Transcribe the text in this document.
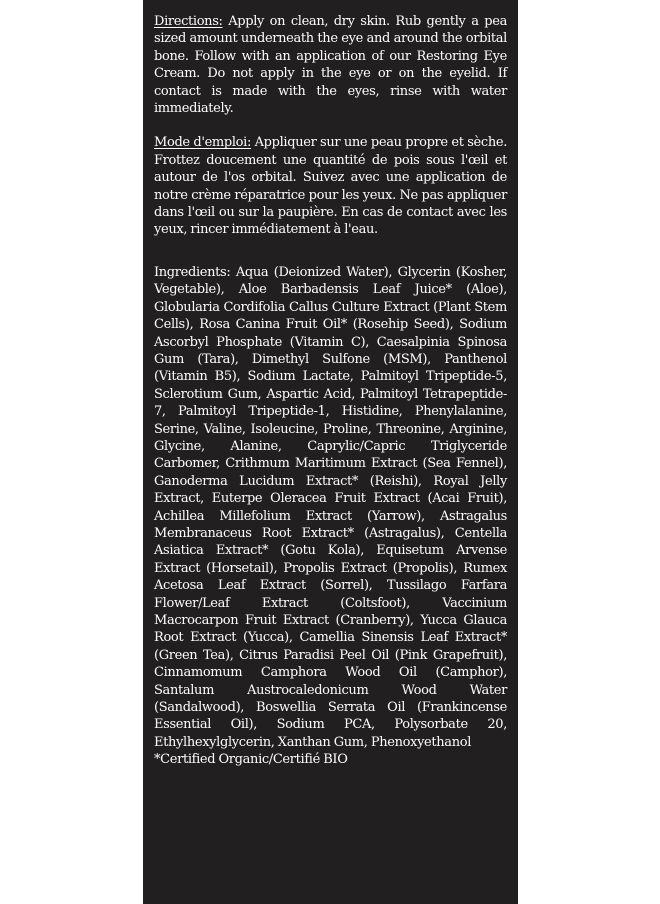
Directions: Apply on clean, dry skin. Rub gently a pea sized amount underneath the eye and around the orbital bone. Follow with an application of our Restoring Eye Cream. Do not apply in the eye or on the eyelid. If contact is made with the eyes, rinse with water immediately.

Mode d'emploi: Appliquer sur une peau propre et sèche. Frottez doucement une quantité de pois sous l'œil et autour de l'os orbital. Suivez avec une application de notre crème réparatrice pour les yeux. Ne pas appliquer dans l'œil ou sur la paupière. En cas de contact avec les yeux, rincer immédiatement à l'eau.

Ingredients: Aqua (Deionized Water), Glycerin (Kosher, Vegetable), Aloe Barbadensis Leaf Juice* (Aloe), Globularia Cordifolia Callus Culture Extract (Plant Stem Cells), Rosa Canina Fruit Oil* (Rosehip Seed), Sodium Ascorbyl Phosphate (Vitamin C), Caesalpinia Spinosa Gum (Tara), Dimethyl Sulfone (MSM), Panthenol (Vitamin B5), Sodium Lactate, Palmitoyl Tripeptide-5, Sclerotium Gum, Aspartic Acid, Palmitoyl Tetrapeptide-7, Palmitoyl Tripeptide-1, Histidine, Phenylalanine, Serine, Valine, Isoleucine, Proline, Threonine, Arginine, Glycine, Alanine, Caprylic/Capric Triglyceride Carbomer, Crithmum Maritimum Extract (Sea Fennel), Ganoderma Lucidum Extract* (Reishi), Royal Jelly Extract, Euterpe Oleracea Fruit Extract (Acai Fruit), Achillea Millefolium Extract (Yarrow), Astragalus Membranaceus Root Extract* (Astragalus), Centella Asiatica Extract* (Gotu Kola), Equisetum Arvense Extract (Horsetail), Propolis Extract (Propolis), Rumex Acetosa Leaf Extract (Sorrel), Tussilago Farfara Flower/Leaf Extract (Coltsfoot), Vaccinium Macrocarpon Fruit Extract (Cranberry), Yucca Glauca Root Extract (Yucca), Camellia Sinensis Leaf Extract* (Green Tea), Citrus Paradisi Peel Oil (Pink Grapefruit), Cinnamomum Camphora Wood Oil (Camphor), Santalum Austrocaledonicum Wood Water (Sandalwood), Boswellia Serrata Oil (Frankincense Essential Oil), Sodium PCA, Polysorbate 20, Ethylhexylglycerin, Xanthan Gum, Phenoxyethanol

*Certified Organic/Certifié BIO
